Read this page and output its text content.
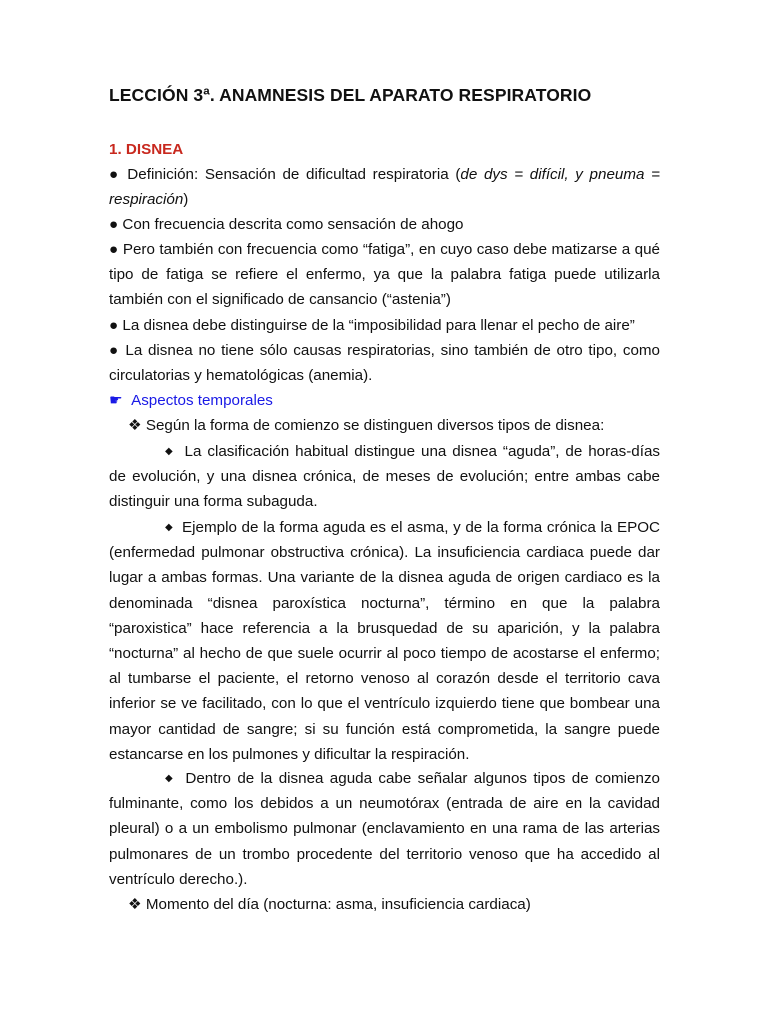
LECCIÓN 3ª. ANAMNESIS DEL APARATO RESPIRATORIO
1. DISNEA
● Definición: Sensación de dificultad respiratoria (de dys = difícil, y pneuma = respiración)
● Con frecuencia descrita como sensación de ahogo
● Pero también con frecuencia como “fatiga”, en cuyo caso debe matizarse a qué tipo de fatiga se refiere el enfermo, ya que la palabra fatiga puede utilizarla también con el significado de cansancio (“astenia”)
● La disnea debe distinguirse de la “imposibilidad para llenar el pecho de aire”
● La disnea no tiene sólo causas respiratorias, sino también de otro tipo, como circulatorias y hematológicas (anemia).
☛ Aspectos temporales
❖ Según la forma de comienzo se distinguen diversos tipos de disnea:
◆ La clasificación habitual distingue una disnea “aguda”, de horas-días de evolución, y una disnea crónica, de meses de evolución; entre ambas cabe distinguir una forma subaguda.
◆ Ejemplo de la forma aguda es el asma, y de la forma crónica la EPOC (enfermedad pulmonar obstructiva crónica). La insuficiencia cardiaca puede dar lugar a ambas formas. Una variante de la disnea aguda de origen cardiaco es la denominada “disnea paroxística nocturna”, término en que la palabra “paroxistica” hace referencia a la brusquedad de su aparición, y la palabra “nocturna” al hecho de que suele ocurrir al poco tiempo de acostarse el enfermo; al tumbarse el paciente, el retorno venoso al corazón desde el territorio cava inferior se ve facilitado, con lo que el ventrículo izquierdo tiene que bombear una mayor cantidad de sangre; si su función está comprometida, la sangre puede estancarse en los pulmones y dificultar la respiración.
◆ Dentro de la disnea aguda cabe señalar algunos tipos de comienzo fulminante, como los debidos a un neumotórax (entrada de aire en la cavidad pleural) o a un embolismo pulmonar (enclavamiento en una rama de las arterias pulmonares de un trombo procedente del territorio venoso que ha accedido al ventrículo derecho.).
❖ Momento del día (nocturna: asma, insuficiencia cardiaca)
